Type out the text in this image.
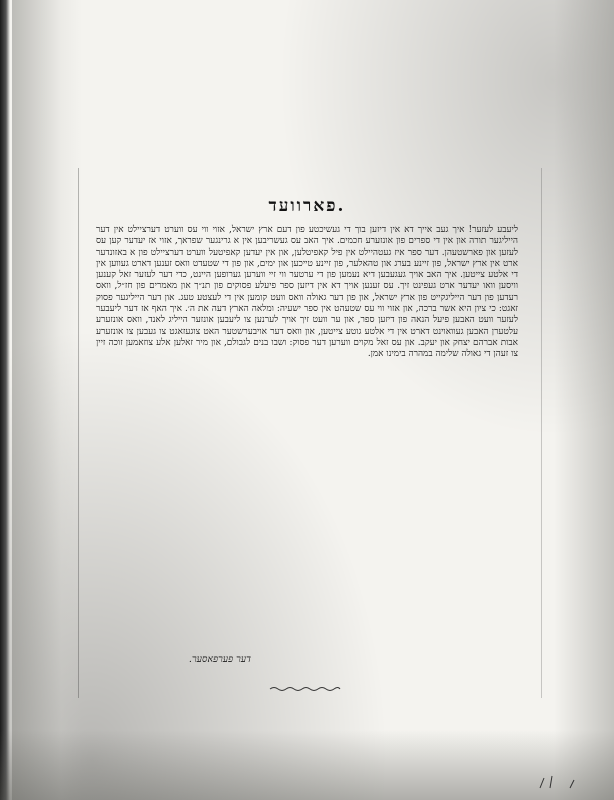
פארוועד.

ליעבע לעזער! איך געב אייך דא אין דיזען בוך די געשיכטע פון דעם ארץ ישראל, אזוי ווי עס ווערט דערציילט אין דער הייליגער תורה און אין די ספרים פון אונזערע חכמים. איך האב עס געשריבען אין א גרינגער שפראך, אזוי אז יעדער קען עס לעזען און פארשטעהן. דער ספר איז געטהיילט אין פיל קאפיטלען, און אין יעדען קאפיטעל ווערט דערציילט פון א באזונדער ארט אין ארץ ישראל, פון זיינע בערג און טהאלער, פון זיינע טייכען און ימים, און פון די שטעדט וואס זענען דארט געווען אין די אלטע צייטען. איך האב אויך געגעבען דיא נעמען פון די ערטער ווי זיי ווערען גערופען היינט, כדי דער לעזער זאל קענען וויסען וואו יעדער ארט געפינט זיך. עס זענען אויך דא אין דיזען ספר פיעלע פסוקים פון תנ״ך און מאמרים פון חז״ל, וואס רעדען פון דער הייליגקייט פון ארץ ישראל, און פון דער גאולה וואס וועט קומען אין די לעצטע טעג. און דער הייליגער פסוק זאגט: כי ציון היא אשר ברכה, און אזוי ווי עס שטעהט אין ספר ישעיה: ומלאה הארץ דעה את ה׳. איך האף אז דער ליעבער לעזער וועט האבען פיעל הנאה פון דיזען ספר, און ער וועט זיך אויך לערנען צו ליעבען אונזער הייליג לאנד, וואס אונזערע עלטערן האבען געוואוינט דארט אין די אלטע גוטע צייטען, און וואס דער אויבערשטער האט צוגעזאגט צו געבען צו אונזערע אבות אברהם יצחק און יעקב. און עס זאל מקוים ווערען דער פסוק: ושבו בנים לגבולם, און מיר זאלען אלע צוזאמען זוכה זיין צו זעהן די גאולה שלימה במהרה בימינו אמן.

דער פערפאסער.
